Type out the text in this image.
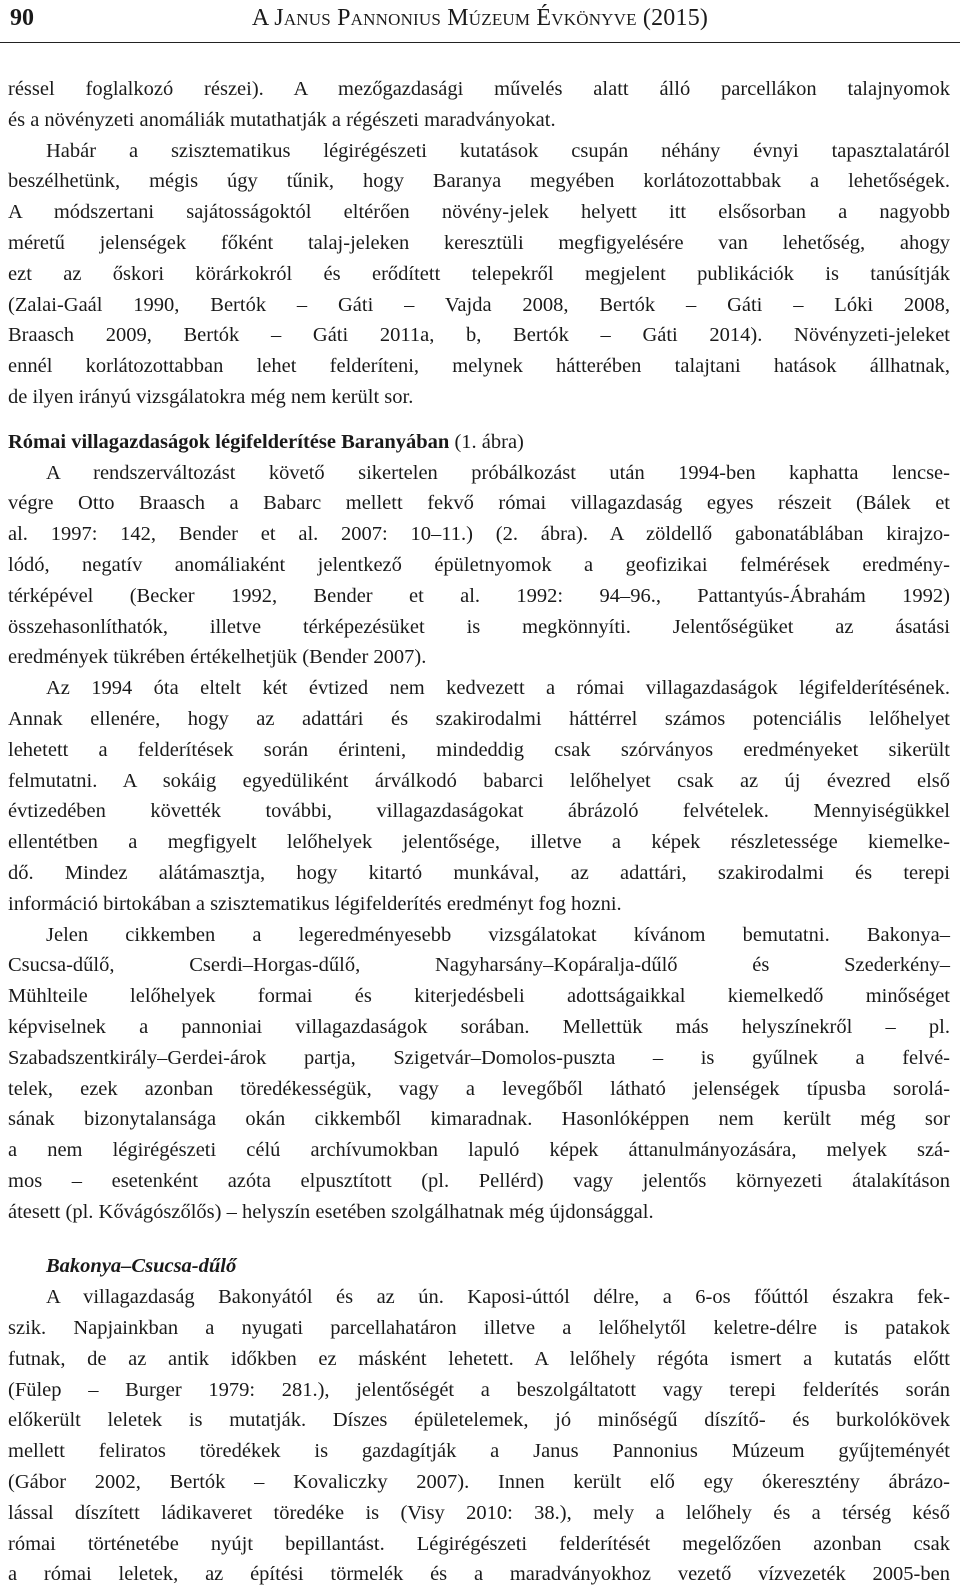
90	A Janus Pannonius Múzeum Évkönyve (2015)
réssel foglalkozó részei). A mezőgazdasági művelés alatt álló parcellákon talajnyomok
és a növényzeti anomáliák mutathatják a régészeti maradványokat.
Habár a szisztematikus légirégészeti kutatások csupán néhány évnyi tapasztalatáról
beszélhetünk, mégis úgy tűnik, hogy Baranya megyében korlátozottabbak a lehetőségek.
A módszertani sajátosságoktól eltérően növény-jelek helyett itt elsősorban a nagyobb
méretű jelenségek főként talaj-jeleken keresztüli megfigyelésére van lehetőség, ahogy
ezt az őskori körárkokról és erődített telepekről megjelent publikációk is tanúsítják
(Zalai-Gaál 1990, Bertók – Gáti – Vajda 2008, Bertók – Gáti – Lóki 2008,
Braasch 2009, Bertók – Gáti 2011a, b, Bertók – Gáti 2014). Növényzeti-jeleket
ennél korlátozottabban lehet felderíteni, melynek hátterében talajtani hatások állhatnak,
de ilyen irányú vizsgálatokra még nem került sor.
Római villagazdaságok légifelderítése Baranyában (1. ábra)
A rendszerváltozást követő sikertelen próbálkozást után 1994-ben kaphatta lencse-
végre Otto Braasch a Babarc mellett fekvő római villagazdaság egyes részeit (Bálek et
al. 1997: 142, Bender et al. 2007: 10–11.) (2. ábra). A zöldellő gabonatáblában kirajzo-
lódó, negatív anomáliaként jelentkező épületnyomok a geofizikai felmérések eredmény-
térképével (Becker 1992, Bender et al. 1992: 94–96., Pattantyús-Ábrahám 1992)
összehasonlíthatók, illetve térképezésüket is megkönnyíti. Jelentőségüket az ásatási
eredmények tükrében értékelhetjük (Bender 2007).
Az 1994 óta eltelt két évtized nem kedvezett a római villagazdaságok légifelderítésének.
Annak ellenére, hogy az adattári és szakirodalmi háttérrel számos potenciális lelőhelyet
lehetett a felderítések során érinteni, mindeddig csak szórványos eredményeket sikerült
felmutatni. A sokáig egyedüliként árválkodó babarci lelőhelyet csak az új évezred első
évtizedében követték további, villagazdaságokat ábrázoló felvételek. Mennyiségükkel
ellentétben a megfigyelt lelőhelyek jelentősége, illetve a képek részletessége kiemelke-
dő. Mindez alátámasztja, hogy kitartó munkával, az adattári, szakirodalmi és terepi
információ birtokában a szisztematikus légifelderítés eredményt fog hozni.
Jelen cikkemben a legeredményesebb vizsgálatokat kívánom bemutatni. Bakonya–
Csucsa-dűlő, Cserdi–Horgas-dűlő, Nagyharsány–Kopáralja-dűlő és Szederkény–
Mühlteile lelőhelyek formai és kiterjedésbeli adottságaikkal kiemelkedő minőséget
képviselnek a pannoniai villagazdaságok sorában. Mellettük más helyszínekről – pl.
Szabadszentkirály–Gerdei-árok partja, Szigetvár–Domolos-puszta – is gyűlnek a felvé-
telek, ezek azonban töredékességük, vagy a levegőből látható jelenségek típusba sorolá-
sának bizonytalansága okán cikkemből kimaradnak. Hasonlóképpen nem került még sor
a nem légirégészeti célú archívumokban lapuló képek áttanulmányozására, melyek szá-
mos – esetenként azóta elpusztított (pl. Pellérd) vagy jelentős környezeti átalakításon
átesett (pl. Kővágószőlős) – helyszín esetében szolgálhatnak még újdonsággal.
Bakonya–Csucsa-dűlő
A villagazdaság Bakonyától és az ún. Kaposi-úttól délre, a 6-os főúttól északra fek-
szik. Napjainkban a nyugati parcellahatáron illetve a lelőhelytől keletre-délre is patakok
futnak, de az antik időkben ez másként lehetett. A lelőhely régóta ismert a kutatás előtt
(Fülep – Burger 1979: 281.), jelentőségét a beszolgáltatott vagy terepi felderítés során
előkerült leletek is mutatják. Díszes épületelemek, jó minőségű díszítő- és burkolókövek
mellett feliratos töredékek is gazdagítják a Janus Pannonius Múzeum gyűjteményét
(Gábor 2002, Bertók – Kovaliczky 2007). Innen került elő egy ókeresztény ábrázo-
lással díszített ládikaveret töredéke is (Visy 2010: 38.), mely a lelőhely és a térség késő
római történetébe nyújt bepillantást. Légirégészeti felderítését megelőzően azonban csak
a római leletek, az építési törmelék és a maradványokhoz vezető vízvezeték 2005-ben
